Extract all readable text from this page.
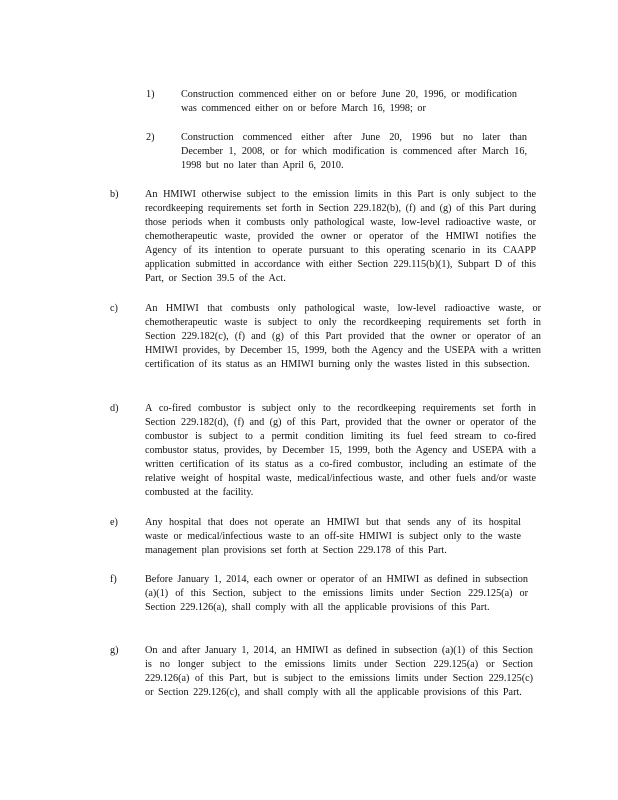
1)	Construction commenced either on or before June 20, 1996, or modification was commenced either on or before March 16, 1998; or

2)	Construction commenced either after June 20, 1996 but no later than December 1, 2008, or for which modification is commenced after March 16, 1998 but no later than April 6, 2010.

b)	An HMIWI otherwise subject to the emission limits in this Part is only subject to the recordkeeping requirements set forth in Section 229.182(b), (f) and (g) of this Part during those periods when it combusts only pathological waste, low-level radioactive waste, or chemotherapeutic waste, provided the owner or operator of the HMIWI notifies the Agency of its intention to operate pursuant to this operating scenario in its CAAPP application submitted in accordance with either Section 229.115(b)(1), Subpart D of this Part, or Section 39.5 of the Act.

c)	An HMIWI that combusts only pathological waste, low-level radioactive waste, or chemotherapeutic waste is subject to only the recordkeeping requirements set forth in Section 229.182(c), (f) and (g) of this Part provided that the owner or operator of an HMIWI provides, by December 15, 1999, both the Agency and the USEPA with a written certification of its status as an HMIWI burning only the wastes listed in this subsection.

d)	A co-fired combustor is subject only to the recordkeeping requirements set forth in Section 229.182(d), (f) and (g) of this Part, provided that the owner or operator of the combustor is subject to a permit condition limiting its fuel feed stream to co-fired combustor status, provides, by December 15, 1999, both the Agency and USEPA with a written certification of its status as a co-fired combustor, including an estimate of the relative weight of hospital waste, medical/infectious waste, and other fuels and/or waste combusted at the facility.

e)	Any hospital that does not operate an HMIWI but that sends any of its hospital waste or medical/infectious waste to an off-site HMIWI is subject only to the waste management plan provisions set forth at Section 229.178 of this Part.

f)	Before January 1, 2014, each owner or operator of an HMIWI as defined in subsection (a)(1) of this Section, subject to the emissions limits under Section 229.125(a) or Section 229.126(a), shall comply with all the applicable provisions of this Part.

g)	On and after January 1, 2014, an HMIWI as defined in subsection (a)(1) of this Section is no longer subject to the emissions limits under Section 229.125(a) or Section 229.126(a) of this Part, but is subject to the emissions limits under Section 229.125(c) or Section 229.126(c), and shall comply with all the applicable provisions of this Part.
